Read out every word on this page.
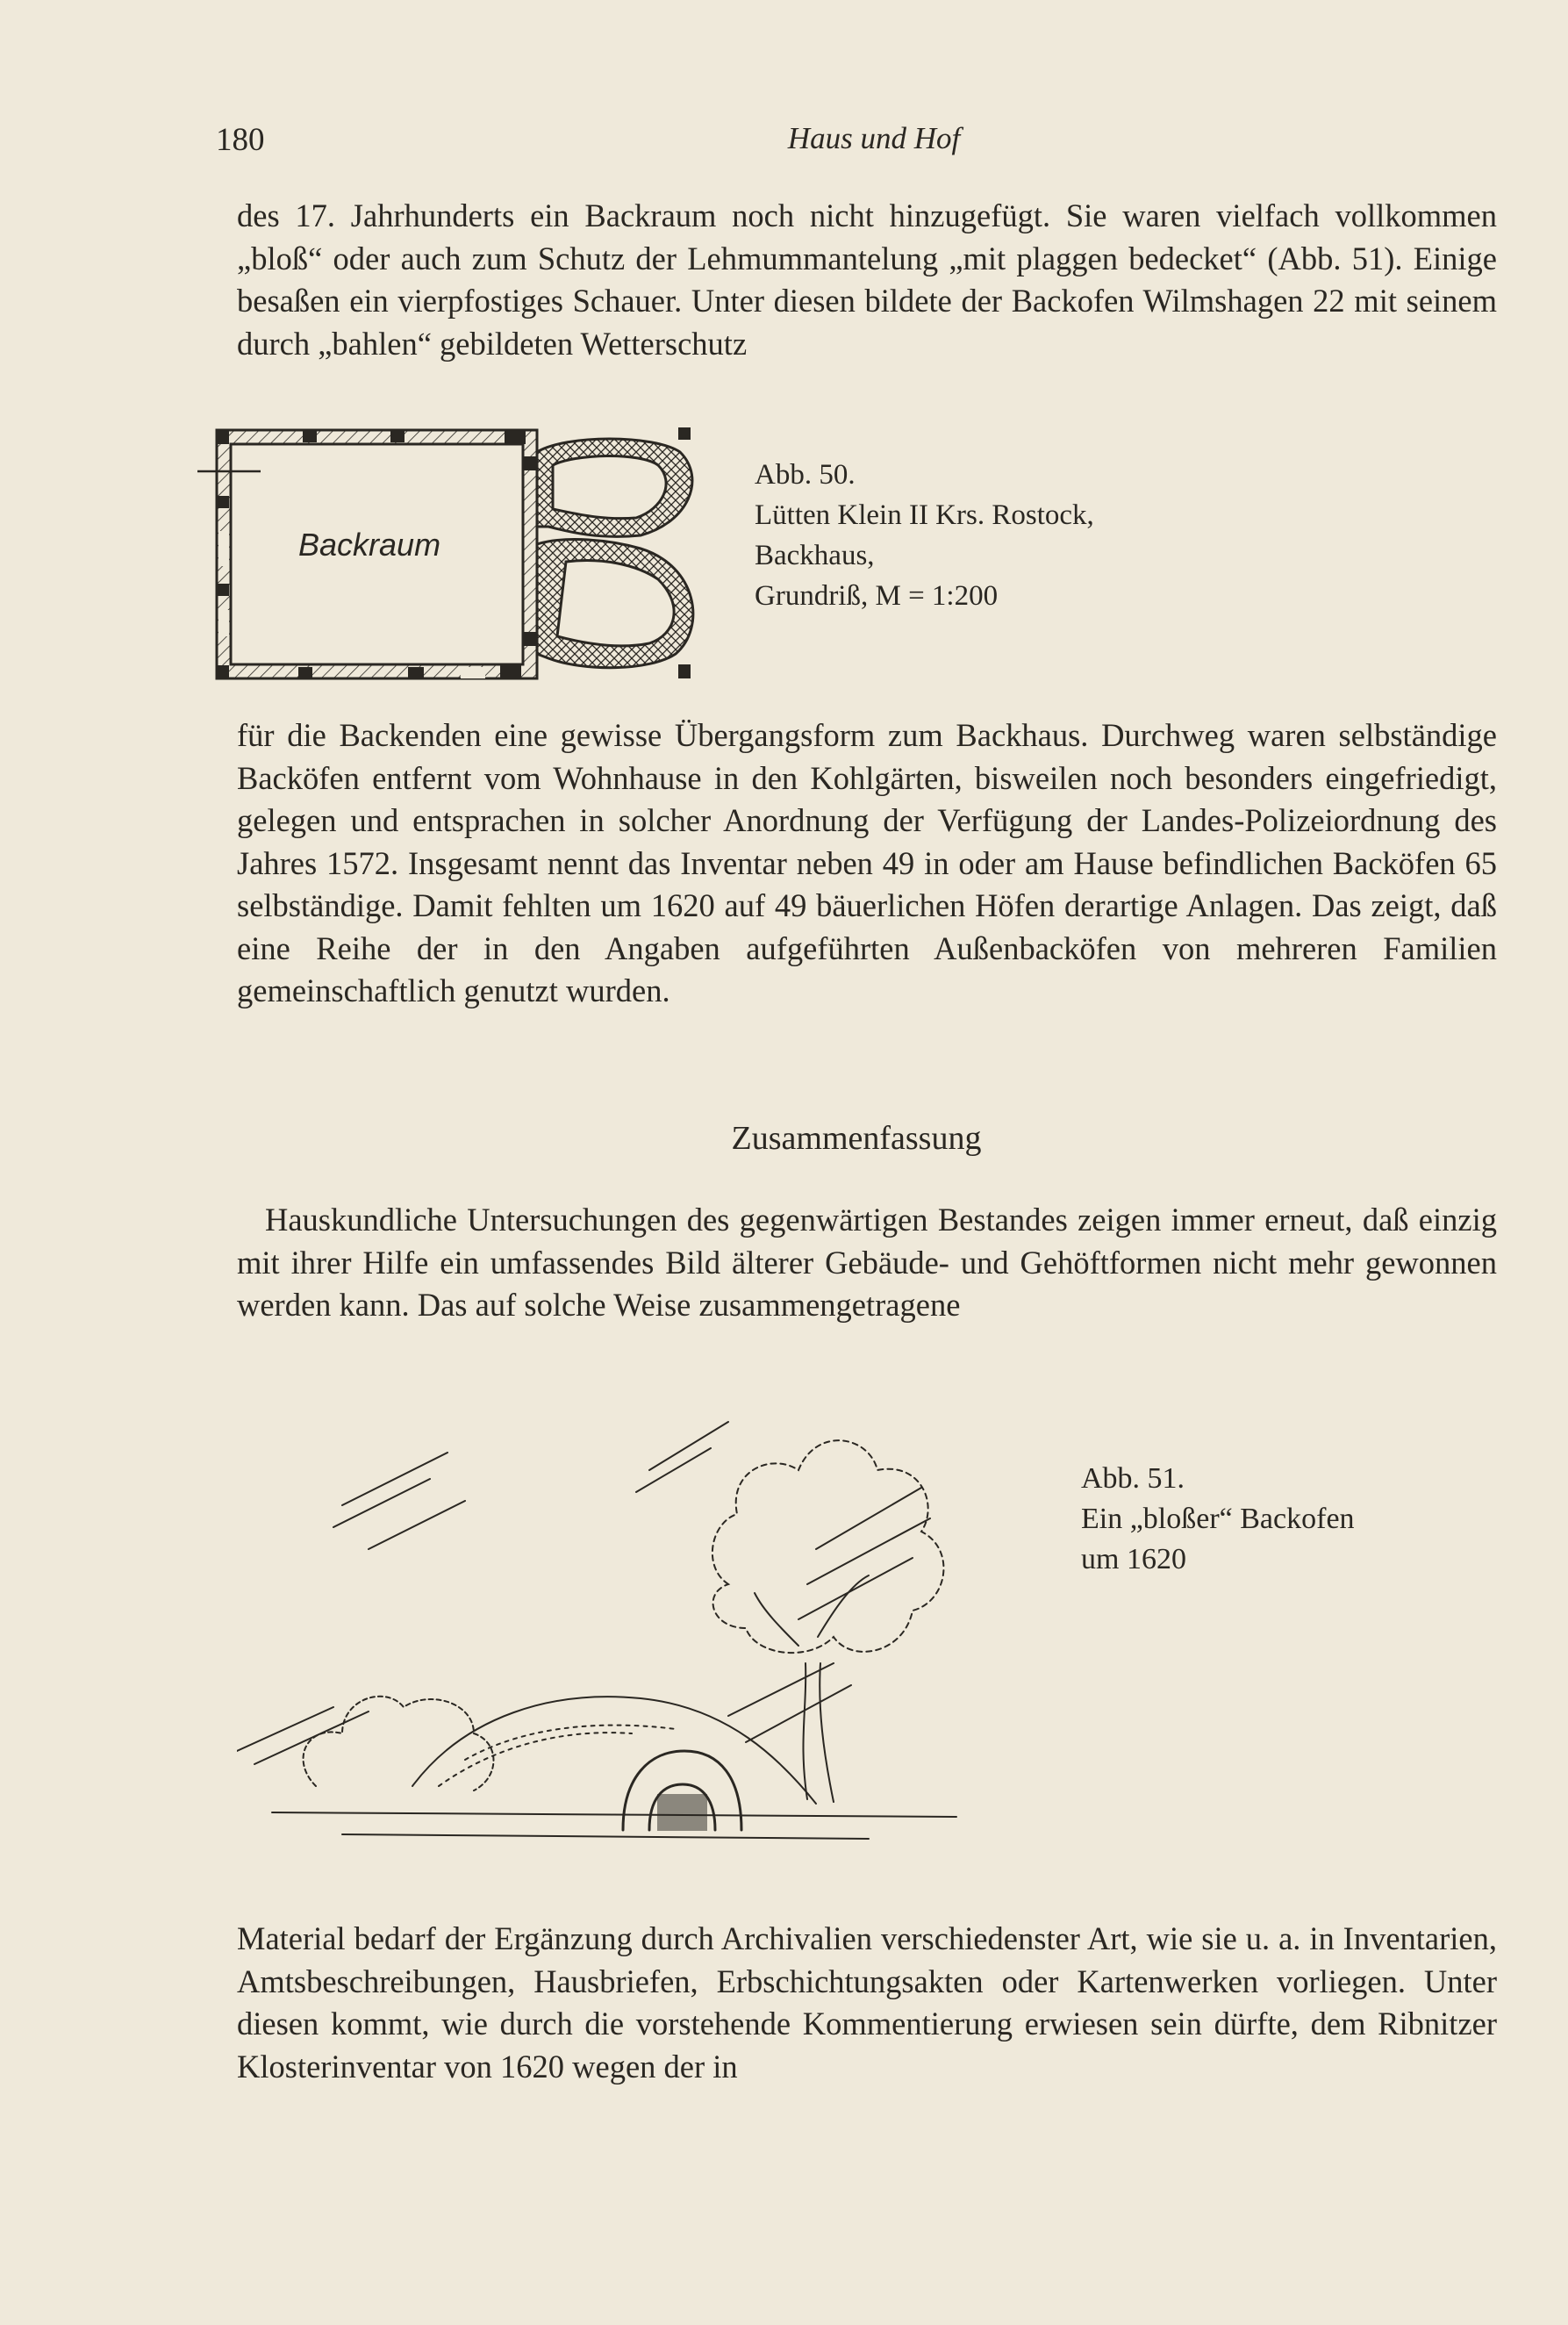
180	Haus und Hof

des 17. Jahrhunderts ein Backraum noch nicht hinzugefügt. Sie waren vielfach vollkommen „bloß“ oder auch zum Schutz der Lehmummantelung „mit plaggen bedecket“ (Abb. 51). Einige besaßen ein vierpfostiges Schauer. Unter diesen bildete der Backofen Wilmshagen 22 mit seinem durch „bahlen“ gebildeten Wetterschutz

Backraum
Abb. 50.
Lütten Klein II Krs. Rostock,
Backhaus,
Grundriß, M = 1:200

für die Backenden eine gewisse Übergangsform zum Backhaus. Durchweg waren selbständige Backöfen entfernt vom Wohnhause in den Kohlgärten, bisweilen noch besonders eingefriedigt, gelegen und entsprachen in solcher Anordnung der Verfügung der Landes-Polizeiordnung des Jahres 1572. Insgesamt nennt das Inventar neben 49 in oder am Hause befindlichen Backöfen 65 selbständige. Damit fehlten um 1620 auf 49 bäuerlichen Höfen derartige Anlagen. Das zeigt, daß eine Reihe der in den Angaben aufgeführten Außenbacköfen von mehreren Familien gemeinschaftlich genutzt wurden.

Zusammenfassung

Hauskundliche Untersuchungen des gegenwärtigen Bestandes zeigen immer erneut, daß einzig mit ihrer Hilfe ein umfassendes Bild älterer Gebäude- und Gehöftformen nicht mehr gewonnen werden kann. Das auf solche Weise zusammengetragene

Abb. 51.
Ein „bloßer“ Backofen
um 1620

Material bedarf der Ergänzung durch Archivalien verschiedenster Art, wie sie u. a. in Inventarien, Amtsbeschreibungen, Hausbriefen, Erbschichtungsakten oder Kartenwerken vorliegen. Unter diesen kommt, wie durch die vorstehende Kommentierung erwiesen sein dürfte, dem Ribnitzer Klosterinventar von 1620 wegen der in
